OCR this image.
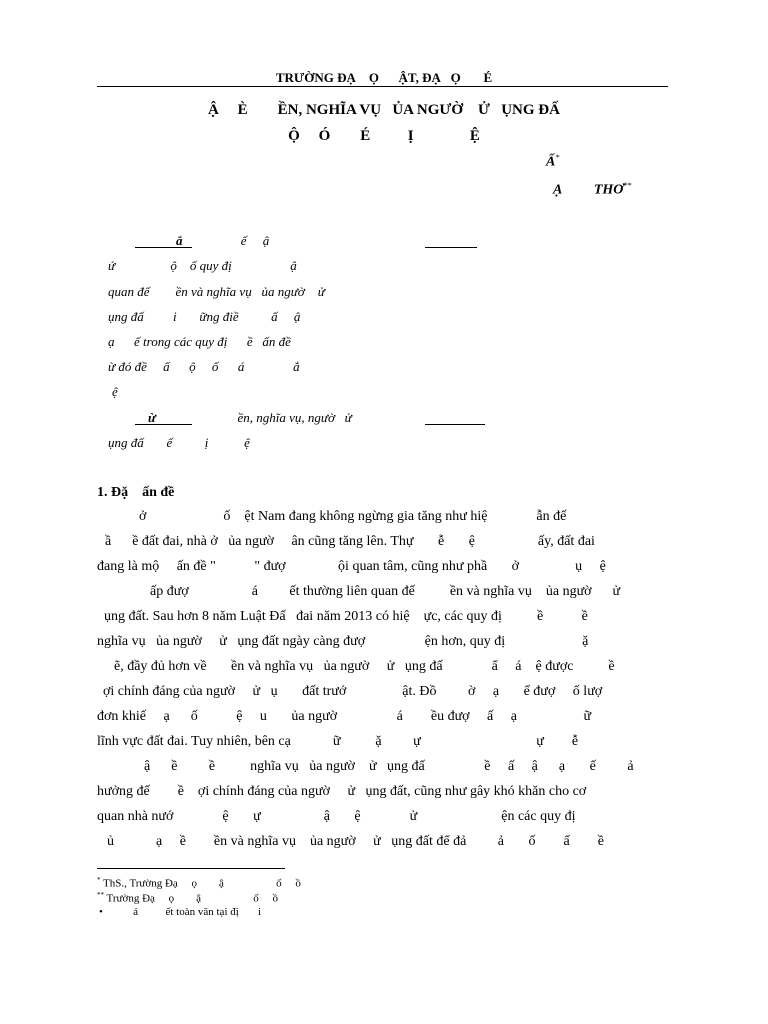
TRƯỜNG ĐẠ    Ọ      ẬT, ĐẠ   Ọ       É
Ậ     È        ỀN, NGHĨA VỤ   ỦA NGƯỜ    Ử   ỤNG ĐẤ
Ộ     Ó        É          Ị               Ệ
Ẩ*
Ạ         THƠ**
ắ ế     ậ
ứ                 ộ    ố quy đị                  ậ
quan đế        ền và nghĩa vụ   ủa ngườ    ử
ụng đấ         i       ững điề          ấ     ậ
ạ      ế trong các quy đị      ề   ấn đề
ừ đó đề     ấ      ộ     ố      á               ẳ
ệ
ừ	ền, nghĩa vụ, ngườ   ử
ụng đấ       ế          ị           ệ
1. Đặ    ấn đề
ở                      ố    ệt Nam đang không ngừng gia tăng như hiệ              ẫn đế
ầ      ề đất đai, nhà ở   ủa ngườ     ân cũng tăng lên. Thự       ễ       ệ                  ấy, đất đai
đang là mộ     ấn đề "           " đượ               ội quan tâm, cũng như phầ       ở                ụ     ệ
ấp đượ                  á         ết thường liên quan đế          ền và nghĩa vụ    ủa ngườ      ử
ụng đất. Sau hơn 8 năm Luật Đấ   đai năm 2013 có hiệ    ực, các quy đị          ề           ề
nghĩa vụ   ủa ngườ     ử   ụng đất ngày càng đượ                 ện hơn, quy đị                      ặ
ẽ, đầy đủ hơn về       ền và nghĩa vụ   ủa ngườ     ử   ụng đấ              ẩ     á    ệ được          ề
ợi chính đáng của ngườ     ử   ụ       đất trướ                ật. Đồ         ờ     ạ       ế đượ     ố lượ
đơn khiế     ạ      ố           ệ     u       ủa ngườ                 á        ều đượ     ấ     ạ                   ữ
lĩnh vực đất đai. Tuy nhiên, bên cạ            ữ          ặ         ự                                 ự        ễ
ậ      ề         ề          nghĩa vụ   ủa ngườ    ử   ụng đấ                 ề     ấ     ậ      ạ       ế         ả
hưởng đế        ề    ợi chính đáng của ngườ     ử   ụng đất, cũng như gây khó khăn cho cơ
quan nhà nướ              ệ       ự                  ậ       ệ              ử                        ện các quy đị
ủ            ạ     ề        ền và nghĩa vụ    ủa ngườ     ử   ụng đất để đả         ả       ố        ấ        ề
* ThS., Trường Đạ     ọ        ậ                   ố     ồ
** Trường Đạ     ọ        ậ                   ố     ồ
•           á          ết toàn văn tại đị       i
